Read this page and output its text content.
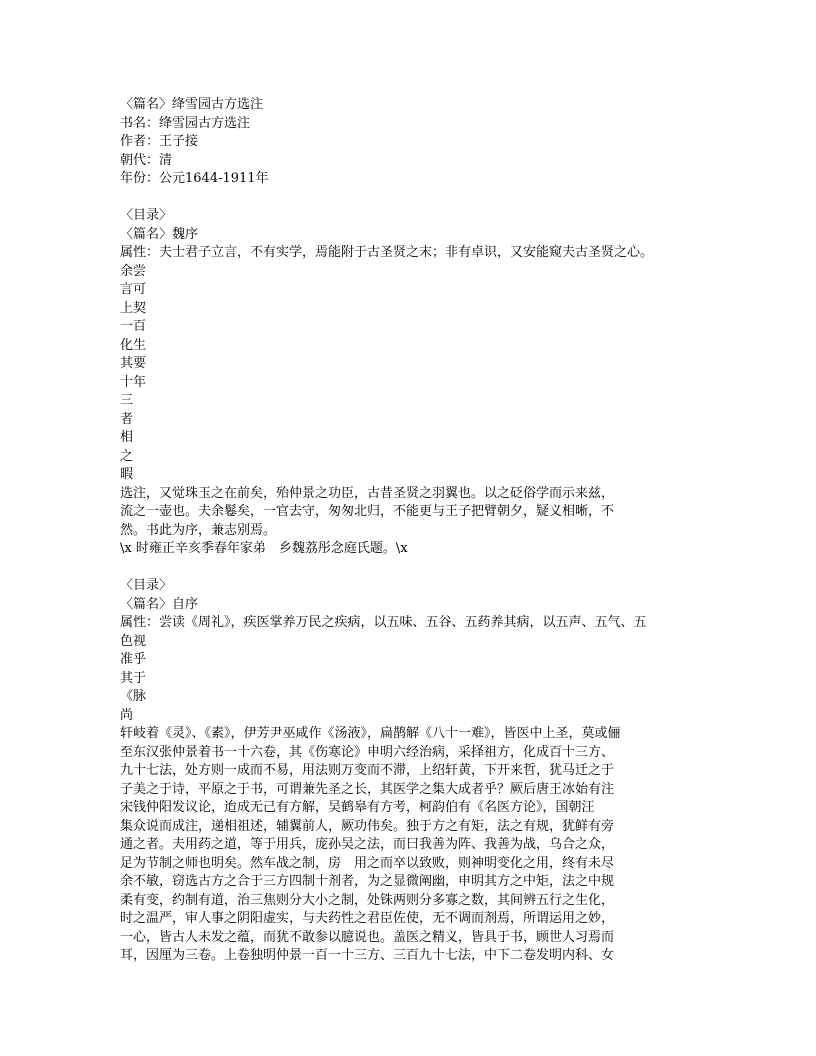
〈篇名〉绛雪园古方选注
书名：绛雪园古方选注
作者：王子接
朝代：清
年份：公元1644-1911年
〈目录〉
〈篇名〉魏序
属性：夫士君子立言，不有实学，焉能附于古圣贤之末；非有卓识，又安能窥夫古圣贤之心。
余尝
言可
上契
一百
化生
其要
十年
三
者
相
之
暇
选注，又觉珠玉之在前矣，殆仲景之功臣，古昔圣贤之羽翼也。以之砭俗学而示来兹，
流之一壶也。夫余鬈矣，一官去守，匆匆北归，不能更与王子把臂朝夕，疑义相晰，不
然。书此为序，兼志别焉。
\x 时雍正辛亥季春年家弟　乡魏荔彤念庭氏题。\x
〈目录〉
〈篇名〉自序
属性：尝读《周礼》，疾医掌养万民之疾病，以五味、五谷、五药养其病，以五声、五气、五
色视
准乎
其于
《脉
尚
轩岐着《灵》、《素》，伊芳尹巫咸作《汤液》，扁鹊解《八十一难》，皆医中上圣，莫或俪
至东汉张仲景着书一十六卷，其《伤寒论》申明六经治病，采择祖方，化成百十三方、
九十七法，处方则一成而不易，用法则万变而不滞，上绍轩黄，下开来哲，犹马迁之于
子美之于诗，平原之于书，可谓兼先圣之长，其医学之集大成者乎？厥后唐王冰始有注
宋钱仲阳发议论，迨成无己有方解，吴鹤皋有方考，柯韵伯有《名医方论》，国朝汪
集众说而成注，递相祖述，辅翼前人，厥功伟矣。独于方之有矩，法之有规，犹鲜有旁
通之者。夫用药之道，等于用兵，庞孙吴之法，而曰我善为阵、我善为战，乌合之众，
足为节制之师也明矣。然车战之制，房　用之而卒以致败，则神明变化之用，终有未尽
余不敏，窃选古方之合于三方四制十剂者，为之显微阐幽，申明其方之中矩，法之中规
柔有变，约制有道，治三焦则分大小之制，处铢两则分多寡之数，其间辨五行之生化，
时之温严，审人事之阴阳虚实，与夫药性之君臣佐使，无不调而剂焉，所谓运用之妙，
一心，皆古人未发之蕴，而犹不敢参以臆说也。盖医之精义，皆具于书，顾世人习焉而
耳，因厘为三卷。上卷独明仲景一百一十三方、三百九十七法，中下二卷发明内科、女
